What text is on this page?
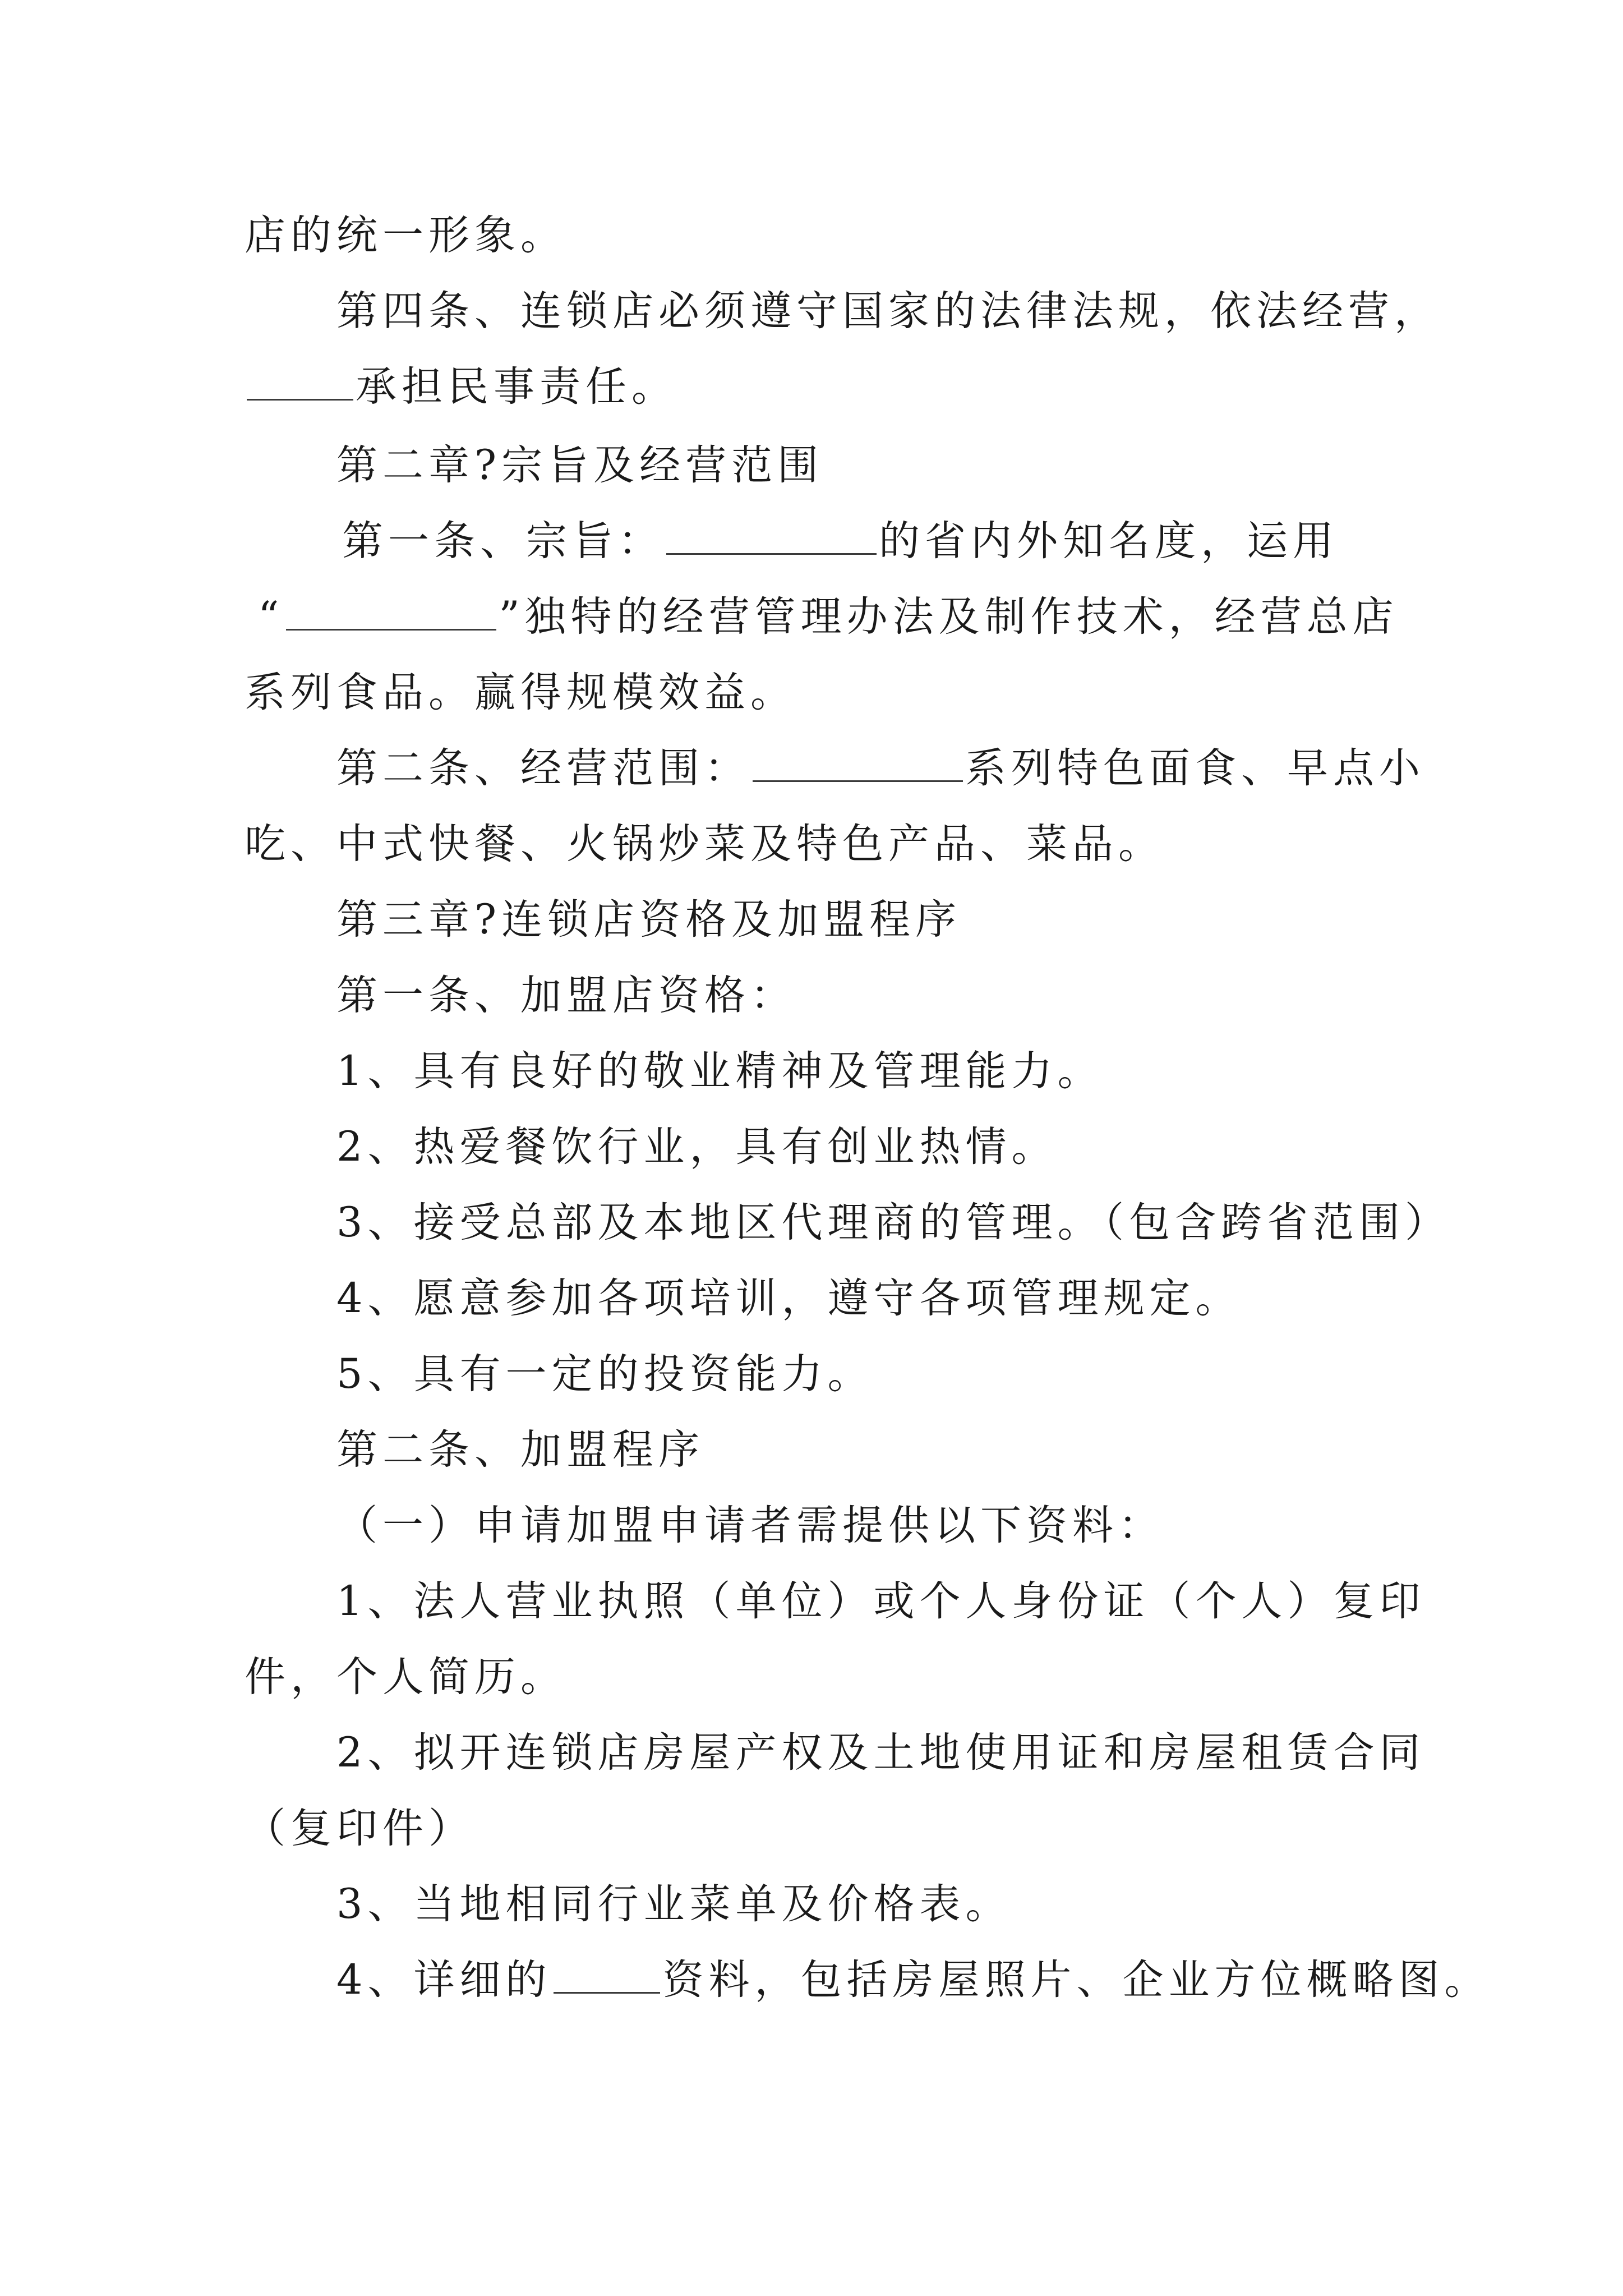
店的统一形象。

第四条、连锁店必须遵守国家的法律法规，依法经营，

承担民事责任。

第二章?宗旨及经营范围

第一条、宗旨：	的省内外知名度，运用

“	”独特的经营管理办法及制作技术，经营总店

系列食品。赢得规模效益。

第二条、经营范围：	系列特色面食、早点小

吃、中式快餐、火锅炒菜及特色产品、菜品。

第三章?连锁店资格及加盟程序

第一条、加盟店资格：

1、具有良好的敬业精神及管理能力。

2、热爱餐饮行业，具有创业热情。

3、接受总部及本地区代理商的管理。（包含跨省范围）

4、愿意参加各项培训，遵守各项管理规定。

5、具有一定的投资能力。

第二条、加盟程序

（一）申请加盟申请者需提供以下资料：

1、法人营业执照（单位）或个人身份证（个人）复印

件，个人简历。

2、拟开连锁店房屋产权及土地使用证和房屋租赁合同

（复印件）

3、当地相同行业菜单及价格表。

4、详细的	资料，包括房屋照片、企业方位概略图。
